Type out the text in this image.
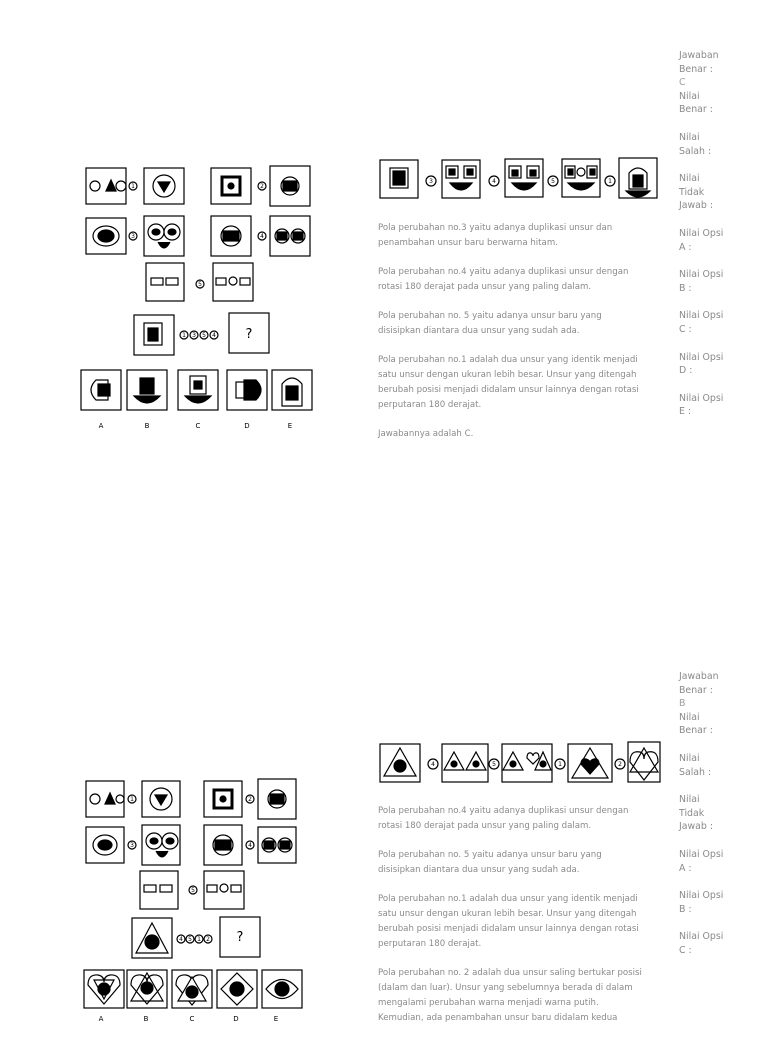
1	2
3	4
5
1 3 5 4 ?
A	B	C	D	E
3	4	5	1

Pola perubahan no.3 yaitu adanya duplikasi unsur dan penambahan unsur baru berwarna hitam.

Pola perubahan no.4 yaitu adanya duplikasi unsur dengan rotasi 180 derajat pada unsur yang paling dalam.

Pola perubahan no. 5 yaitu adanya unsur baru yang disisipkan diantara dua unsur yang sudah ada.

Pola perubahan no.1 adalah dua unsur yang identik menjadi satu unsur dengan ukuran lebih besar. Unsur yang ditengah berubah posisi menjadi didalam unsur lainnya dengan rotasi perputaran 180 derajat.

Jawabannya adalah C.

Jawaban Benar :
C
Nilai Benar :
Nilai Salah :
Nilai Tidak Jawab :
Nilai Opsi A :
Nilai Opsi B :
Nilai Opsi C :
Nilai Opsi D :
Nilai Opsi E :
1	2
3	4
5
4 5 1 2 ?
A	B	C	D	E
4	5	1	2

Pola perubahan no.4 yaitu adanya duplikasi unsur dengan rotasi 180 derajat pada unsur yang paling dalam.

Pola perubahan no. 5 yaitu adanya unsur baru yang disisipkan diantara dua unsur yang sudah ada.

Pola perubahan no.1 adalah dua unsur yang identik menjadi satu unsur dengan ukuran lebih besar. Unsur yang ditengah berubah posisi menjadi didalam unsur lainnya dengan rotasi perputaran 180 derajat.

Pola perubahan no. 2 adalah dua unsur saling bertukar posisi (dalam dan luar). Unsur yang sebelumnya berada di dalam mengalami perubahan warna menjadi warna putih. Kemudian, ada penambahan unsur baru didalam kedua

Jawaban Benar :
B
Nilai Benar :
Nilai Salah :
Nilai Tidak Jawab :
Nilai Opsi A :
Nilai Opsi B :
Nilai Opsi C :
